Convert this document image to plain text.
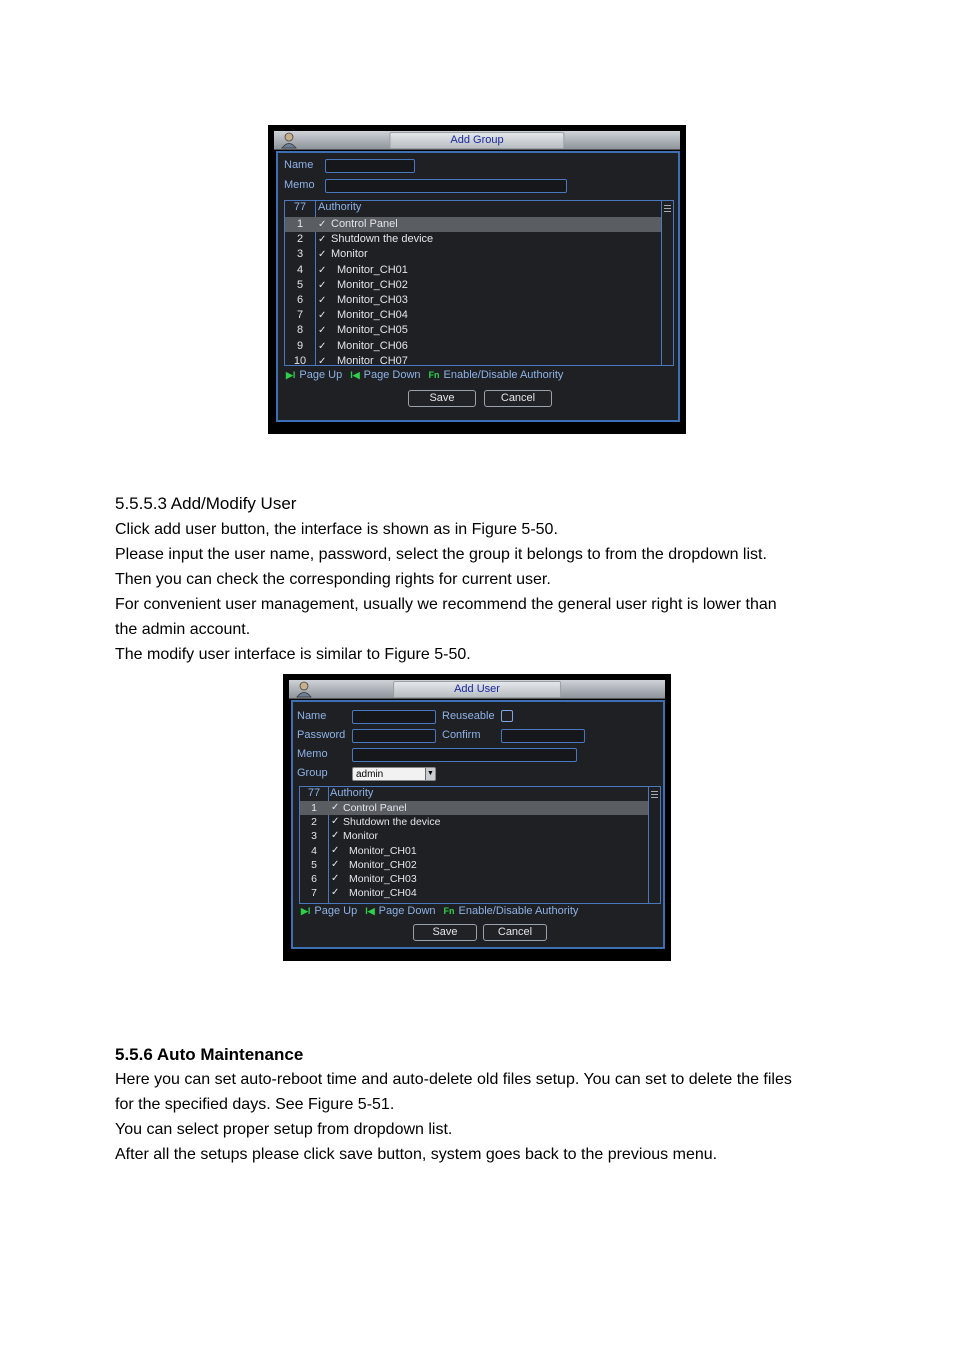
Add Group
Name
Memo
77	Authority
1	✓ Control Panel
2	✓ Shutdown the device
3	✓ Monitor
4	✓ Monitor_CH01
5	✓ Monitor_CH02
6	✓ Monitor_CH03
7	✓ Monitor_CH04
8	✓ Monitor_CH05
9	✓ Monitor_CH06
10	✓ Monitor_CH07
▶I Page Up I◀ Page Down Fn Enable/Disable Authority
Save	Cancel
5.5.5.3 Add/Modify User
Click add user button, the interface is shown as in Figure 5-50.
Please input the user name, password, select the group it belongs to from the dropdown list.
Then you can check the corresponding rights for current user.
For convenient user management, usually we recommend the general user right is lower than
the admin account.
The modify user interface is similar to Figure 5-50.
Add User
Name	Reuseable
Password	Confirm
Memo
Group	admin	▼
77 Authority
1	✓ Control Panel
2	✓ Shutdown the device
3	✓ Monitor
4	✓ Monitor_CH01
5	✓ Monitor_CH02
6	✓ Monitor_CH03
7	✓ Monitor_CH04
▶I Page Up I◀ Page Down Fn Enable/Disable Authority
Save	Cancel
5.5.6 Auto Maintenance
Here you can set auto-reboot time and auto-delete old files setup. You can set to delete the files
for the specified days. See Figure 5-51.
You can select proper setup from dropdown list.
After all the setups please click save button, system goes back to the previous menu.
